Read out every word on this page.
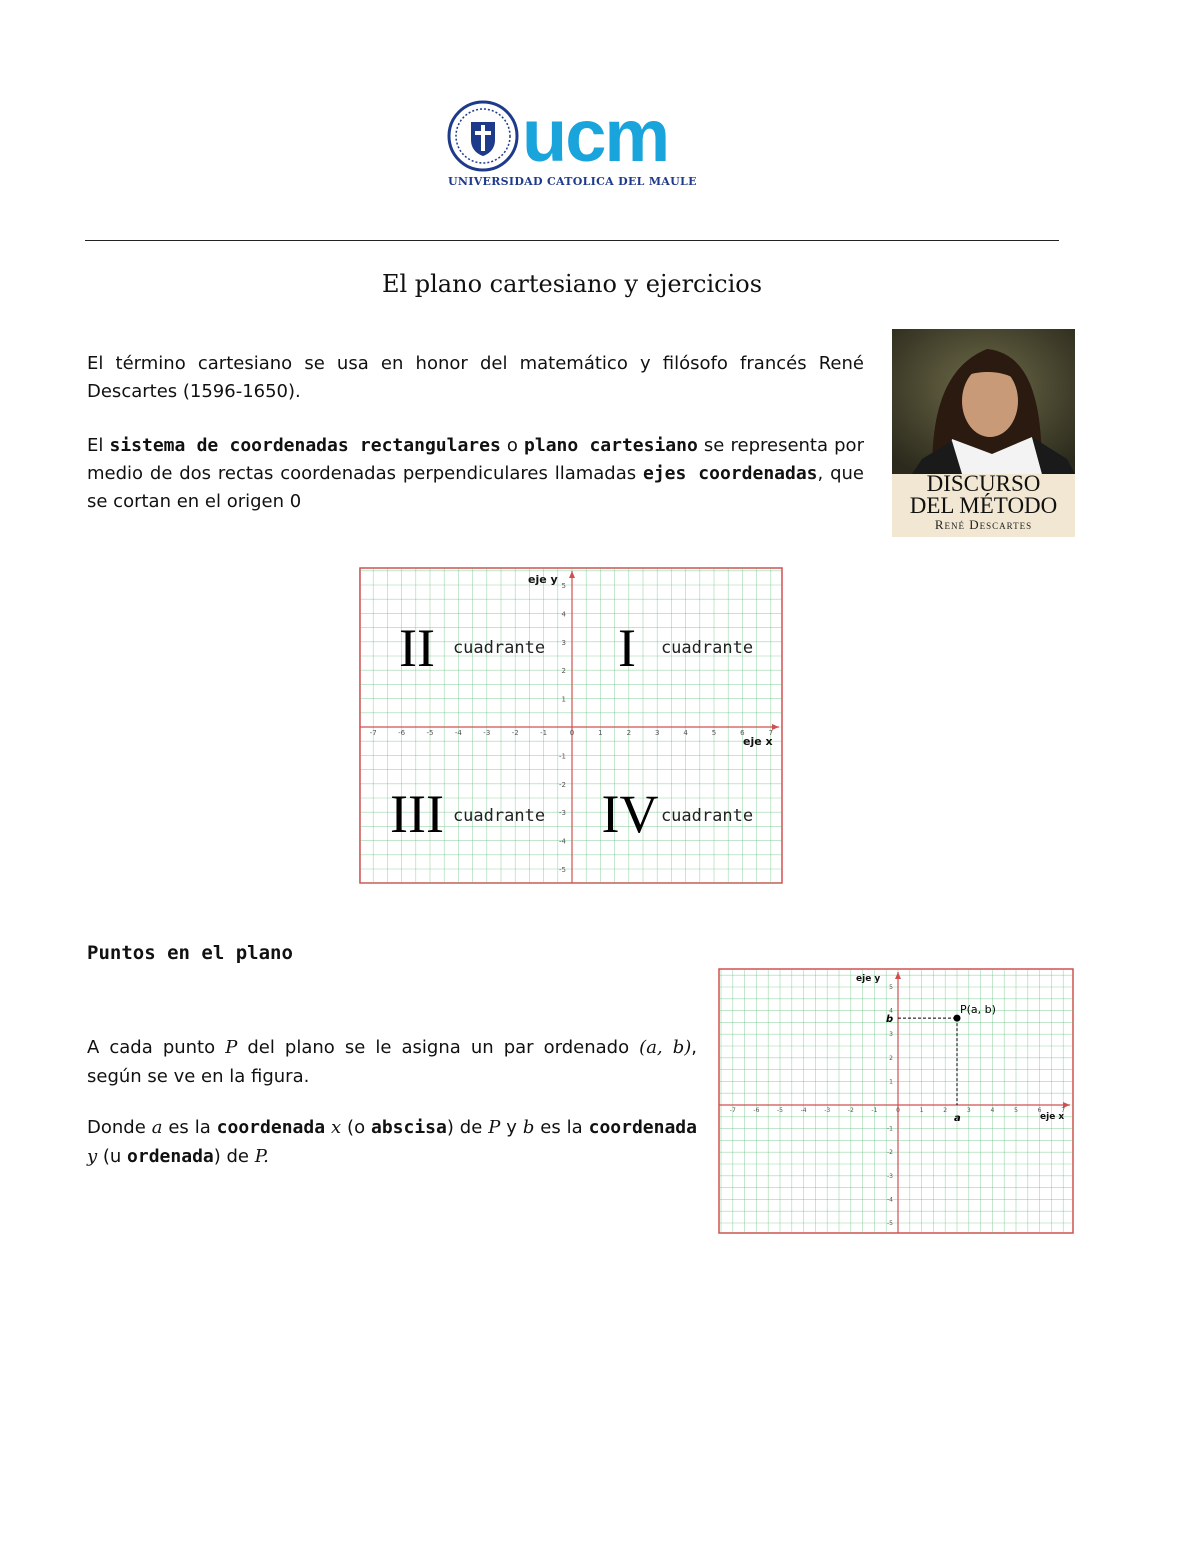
ucm
UNIVERSIDAD CATOLICA DEL MAULE
El plano cartesiano y ejercicios
El término cartesiano se usa en honor del matemático y filósofo francés René Descartes (1596-1650).
El sistema de coordenadas rectangulares o plano cartesiano se representa por medio de dos rectas coordenadas perpendiculares llamadas ejes coordenadas, que se cortan en el origen 0
DISCURSO
DEL MÉTODO
René Descartes
-7	-6	-5	-4	-3	-2	-1	0	1	2	3	4	5	6	7
5
4
3
2
1
-1
-2
-3
-4
-5
eje y
eje x
II cuadrante I cuadrante
III cuadrante IV cuadrante
Puntos en el plano
A cada punto P del plano se le asigna un par ordenado (a, b), según se ve en la figura.
Donde a es la coordenada x (o abscisa) de P y b es la coordenada y (u ordenada) de P.
-7	-6	-5	-4	-3	-2	-1	0	1	2	3	4	5	6	7
5
4
3
2
1
-1
-2
-3
-4
-5
eje y
eje x
P(a, b)
b
a
